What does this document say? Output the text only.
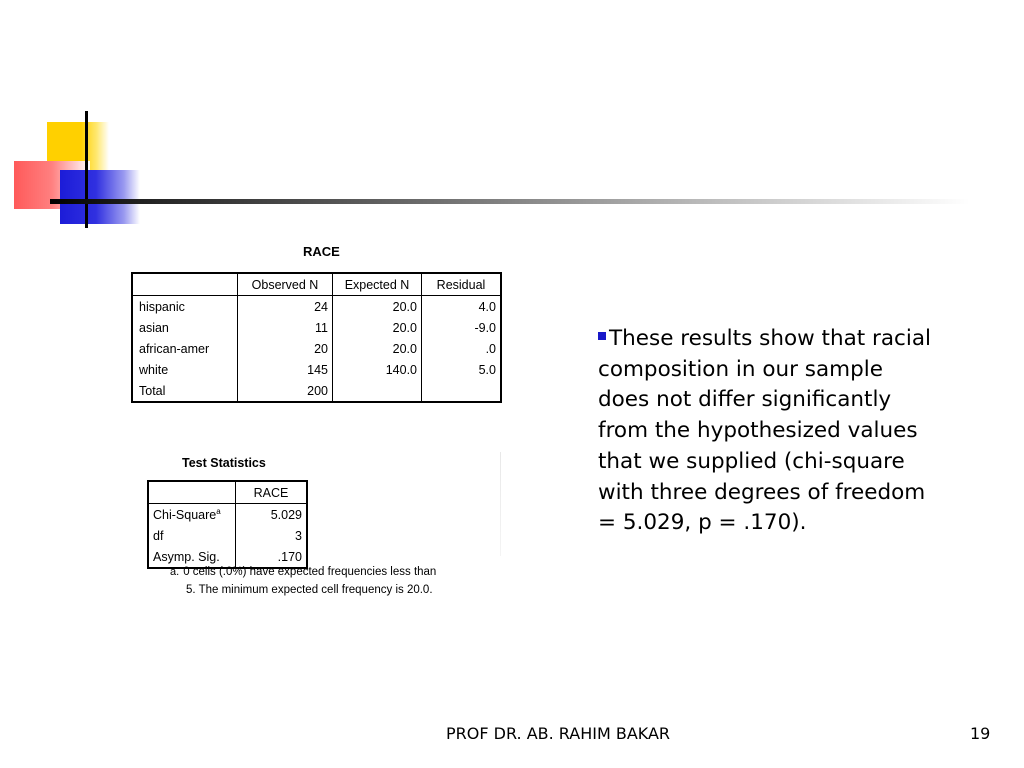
RACE
	Observed N	Expected N	Residual
hispanic	24	20.0	4.0
asian	11	20.0	-9.0
african-amer	20	20.0	.0
white	145	140.0	5.0
Total	200		
Test Statistics
	RACE
Chi-Square$^a$	5.029
df	3
Asymp. Sig.	.170
a. 0 cells (.0%) have expected frequencies less than
5. The minimum expected cell frequency is 20.0.
These results show that racial composition in our sample does not differ significantly from the hypothesized values that we supplied (chi-square with three degrees of freedom = 5.029, p = .170).
PROF DR. AB. RAHIM BAKAR	19
